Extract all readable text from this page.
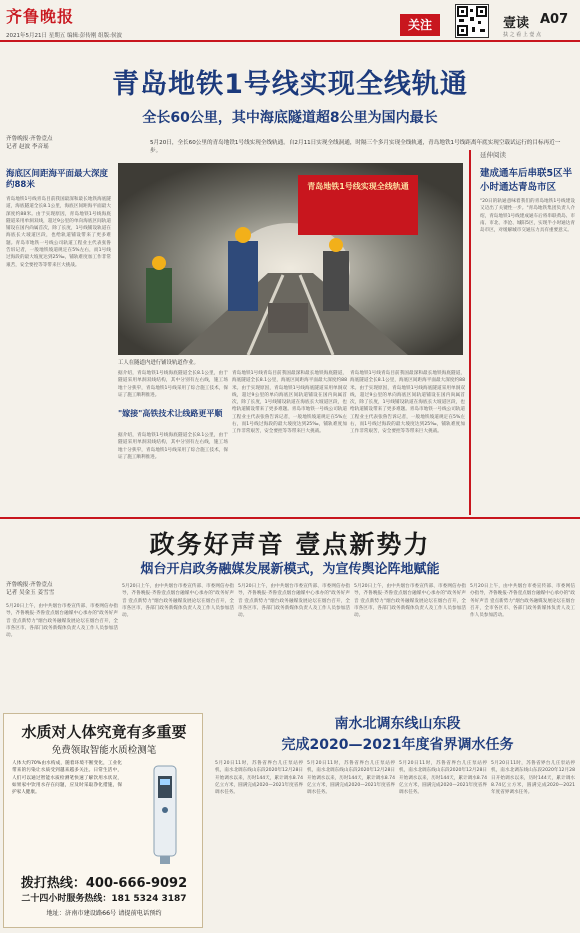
齐鲁晚报
2021年5月21日 星期五 编辑:彭传刚 组版:侯波
关注	壹读 A07
扶 之 看 上 壹 点
青岛地铁1号线实现全线轨通
全长60公里，其中海底隧道超8公里为国内最长
5月20日，全长60公里的青岛地铁1号线实现全线轨通。自2月11日实现全线洞通，时隔三个多月实现全线轨通，青岛地铁1号线距离年底实现空载试运行的目标再近一步。
齐鲁晚报·齐鲁壹点
记者 赵波 李音瑶
海底区间距海平面最大深度约88米
青岛地铁1号线青岛目前我国最深和最长地铁海底隧道，海底隧道全长8.1公里，海底区间距海平面最大深度约88米。由于实现原因，青岛地铁1号线海底隧道采用单洞双线，超过9公里的单向海底区间轨道铺设在国内尚属首次，除了长度，1号线铺设轨道在海底长大坡道区段，也给轨道铺设带来了更多难题。青岛市地铁一号线公司轨道工程业主代表张鲁告诉记者，一般地铁坡道规定在5%左右，而1号线过海段的最大坡度达到25‰，铺轨难度加工作非常艰苦，安全要控等等带来巨大挑战。
青岛地铁1号线实现全线轨通
工人在隧道内进行铺设轨道作业。
据介绍，青岛地铁1号线海底隧道全长8.1公里，由于隧道采用单洞双线结构，其中分别有左右线，施工场地十分狭窄，青岛地铁1号线采用了综合施工技术，保证了施工顺利推进。
"嫁接"高铁技术让线路更平顺
据介绍，青岛地铁1号线海底隧道全长8.1公里，由于隧道采用单洞双线结构，其中分别有左右线，施工场地十分狭窄，青岛地铁1号线采用了综合施工技术，保证了施工顺利推进。
青岛地铁1号线青岛目前我国最深和最长地铁海底隧道，海底隧道全长8.1公里，海底区间距海平面最大深度约88米。由于实现原因，青岛地铁1号线海底隧道采用单洞双线，超过9公里的单向海底区间轨道铺设在国内尚属首次，除了长度，1号线铺设轨道在海底长大坡道区段，也给轨道铺设带来了更多难题。青岛市地铁一号线公司轨道工程业主代表张鲁告诉记者，一般地铁坡道规定在5%左右，而1号线过海段的最大坡度达到25‰，铺轨难度加工作非常艰苦，安全要控等等带来巨大挑战。
青岛地铁1号线青岛目前我国最深和最长地铁海底隧道，海底隧道全长8.1公里，海底区间距海平面最大深度约88米。由于实现原因，青岛地铁1号线海底隧道采用单洞双线，超过9公里的单向海底区间轨道铺设在国内尚属首次，除了长度，1号线铺设轨道在海底长大坡道区段，也给轨道铺设带来了更多难题。青岛市地铁一号线公司轨道工程业主代表张鲁告诉记者，一般地铁坡道规定在5%左右，而1号线过海段的最大坡度达到25‰，铺轨难度加工作非常艰苦，安全要控等等带来巨大挑战。
延伸阅读
建成通车后串联5区半小时通达青岛市区
"20日的轨通意味着我们的青岛地铁1号线建设又迈出了关键性一步。"青岛地铁集团负责人介绍，青岛地铁1号线建成通车后将串联黄岛、市南、市北、李沧、城阳5区，实现半小时通达青岛市区，对缓解城市交通压力具有重要意义。
政务好声音 壹点新势力
烟台开启政务融媒发展新模式，为宣传舆论阵地赋能
齐鲁晚报·齐鲁壹点
记者 吴金玉 姜雪雪
5月20日上午，由中共烟台市委宣传部、市委网信办指导，齐鲁晚报·齐鲁壹点烟台融媒中心承办的"政务好声音 壹点新势力"烟台政务融媒发展论坛在烟台召开，全市各区市、各部门政务新媒体负责人及工作人员参加活动。
5月20日上午，由中共烟台市委宣传部、市委网信办指导，齐鲁晚报·齐鲁壹点烟台融媒中心承办的"政务好声音 壹点新势力"烟台政务融媒发展论坛在烟台召开，全市各区市、各部门政务新媒体负责人及工作人员参加活动。
5月20日上午，由中共烟台市委宣传部、市委网信办指导，齐鲁晚报·齐鲁壹点烟台融媒中心承办的"政务好声音 壹点新势力"烟台政务融媒发展论坛在烟台召开，全市各区市、各部门政务新媒体负责人及工作人员参加活动。
5月20日上午，由中共烟台市委宣传部、市委网信办指导，齐鲁晚报·齐鲁壹点烟台融媒中心承办的"政务好声音 壹点新势力"烟台政务融媒发展论坛在烟台召开，全市各区市、各部门政务新媒体负责人及工作人员参加活动。
5月20日上午，由中共烟台市委宣传部、市委网信办指导，齐鲁晚报·齐鲁壹点烟台融媒中心承办的"政务好声音 壹点新势力"烟台政务融媒发展论坛在烟台召开，全市各区市、各部门政务新媒体负责人及工作人员参加活动。
水质对人体究竟有多重要
免费领取智能水质检测笔
人体大约70%由水构成，随着环境不断变化，工业化带来的污染让水质受到越来越多关注。日常生活中，人们可以通过智能水质检测笔快速了解饮用水状况，如果家中饮用水存在问题，应及时采取净化措施，保护家人健康。
拨打热线：400-666-9092
二十四小时服务热线：181 5324 3187
地址：济南市建设路66号 请提前电话预约
南水北调东线山东段
完成2020—2021年度省界调水任务
5月20日11时，苏鲁省界台儿庄泵站停机，南水北调东线山东段2020年12月28日开始调水以来，历时144天，累计调水8.74亿立方米，圆满完成2020—2021年度省界调水任务。
5月20日11时，苏鲁省界台儿庄泵站停机，南水北调东线山东段2020年12月28日开始调水以来，历时144天，累计调水8.74亿立方米，圆满完成2020—2021年度省界调水任务。
5月20日11时，苏鲁省界台儿庄泵站停机，南水北调东线山东段2020年12月28日开始调水以来，历时144天，累计调水8.74亿立方米，圆满完成2020—2021年度省界调水任务。
5月20日11时，苏鲁省界台儿庄泵站停机，南水北调东线山东段2020年12月28日开始调水以来，历时144天，累计调水8.74亿立方米，圆满完成2020—2021年度省界调水任务。
